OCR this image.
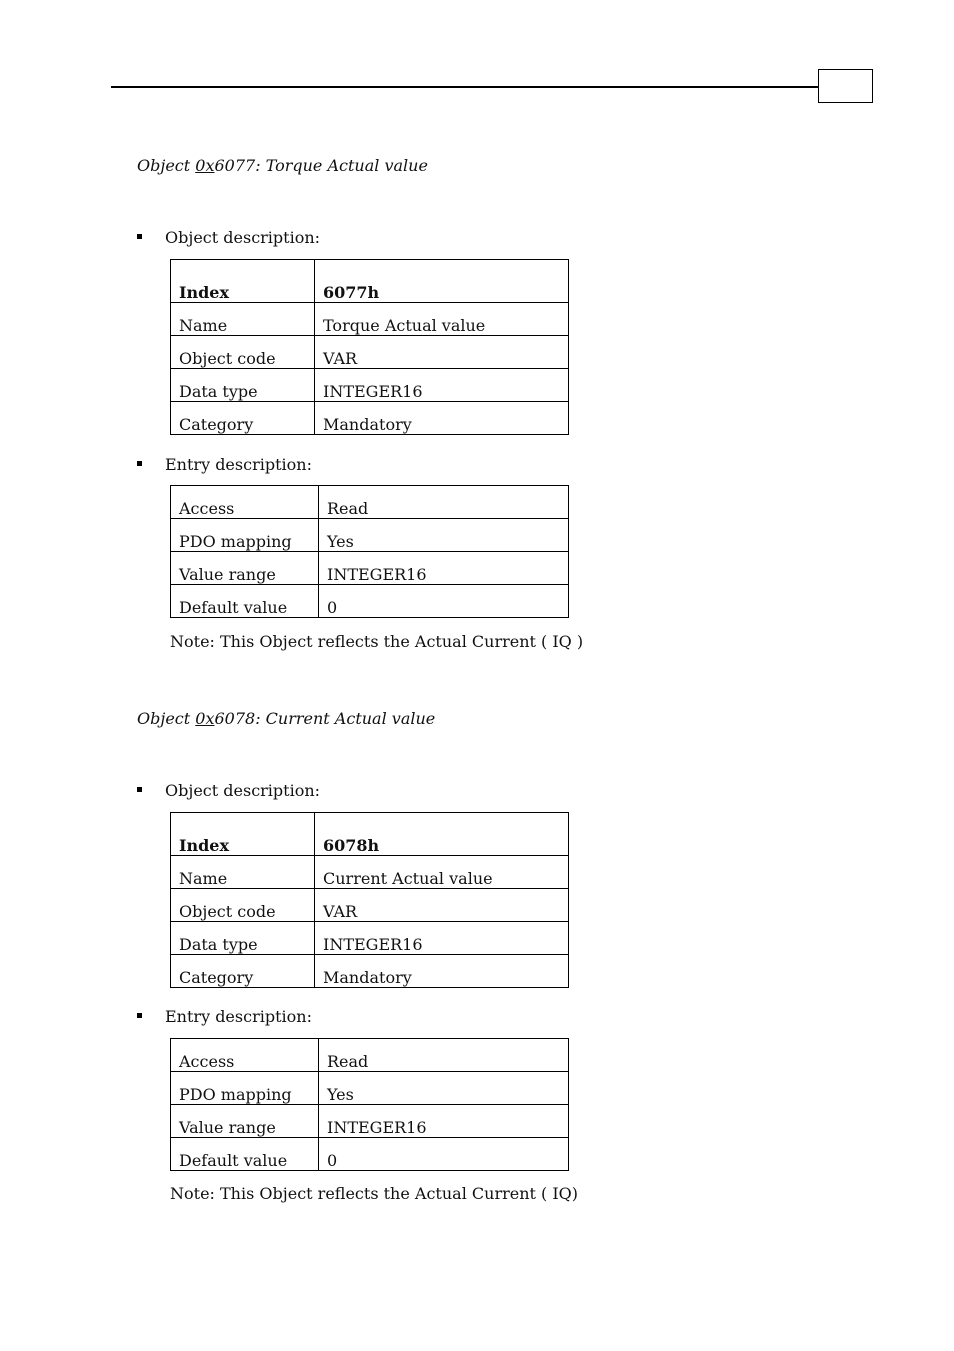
Object 0x6077: Torque Actual value

Object description:
Index	6077h
Name	Torque Actual value
Object code	VAR
Data type	INTEGER16
Category	Mandatory
Entry description:
Access	Read
PDO mapping	Yes
Value range	INTEGER16
Default value	0
Note: This Object reflects the Actual Current ( IQ )

Object 0x6078: Current Actual value

Object description:
Index	6078h
Name	Current Actual value
Object code	VAR
Data type	INTEGER16
Category	Mandatory
Entry description:
Access	Read
PDO mapping	Yes
Value range	INTEGER16
Default value	0
Note: This Object reflects the Actual Current ( IQ)
